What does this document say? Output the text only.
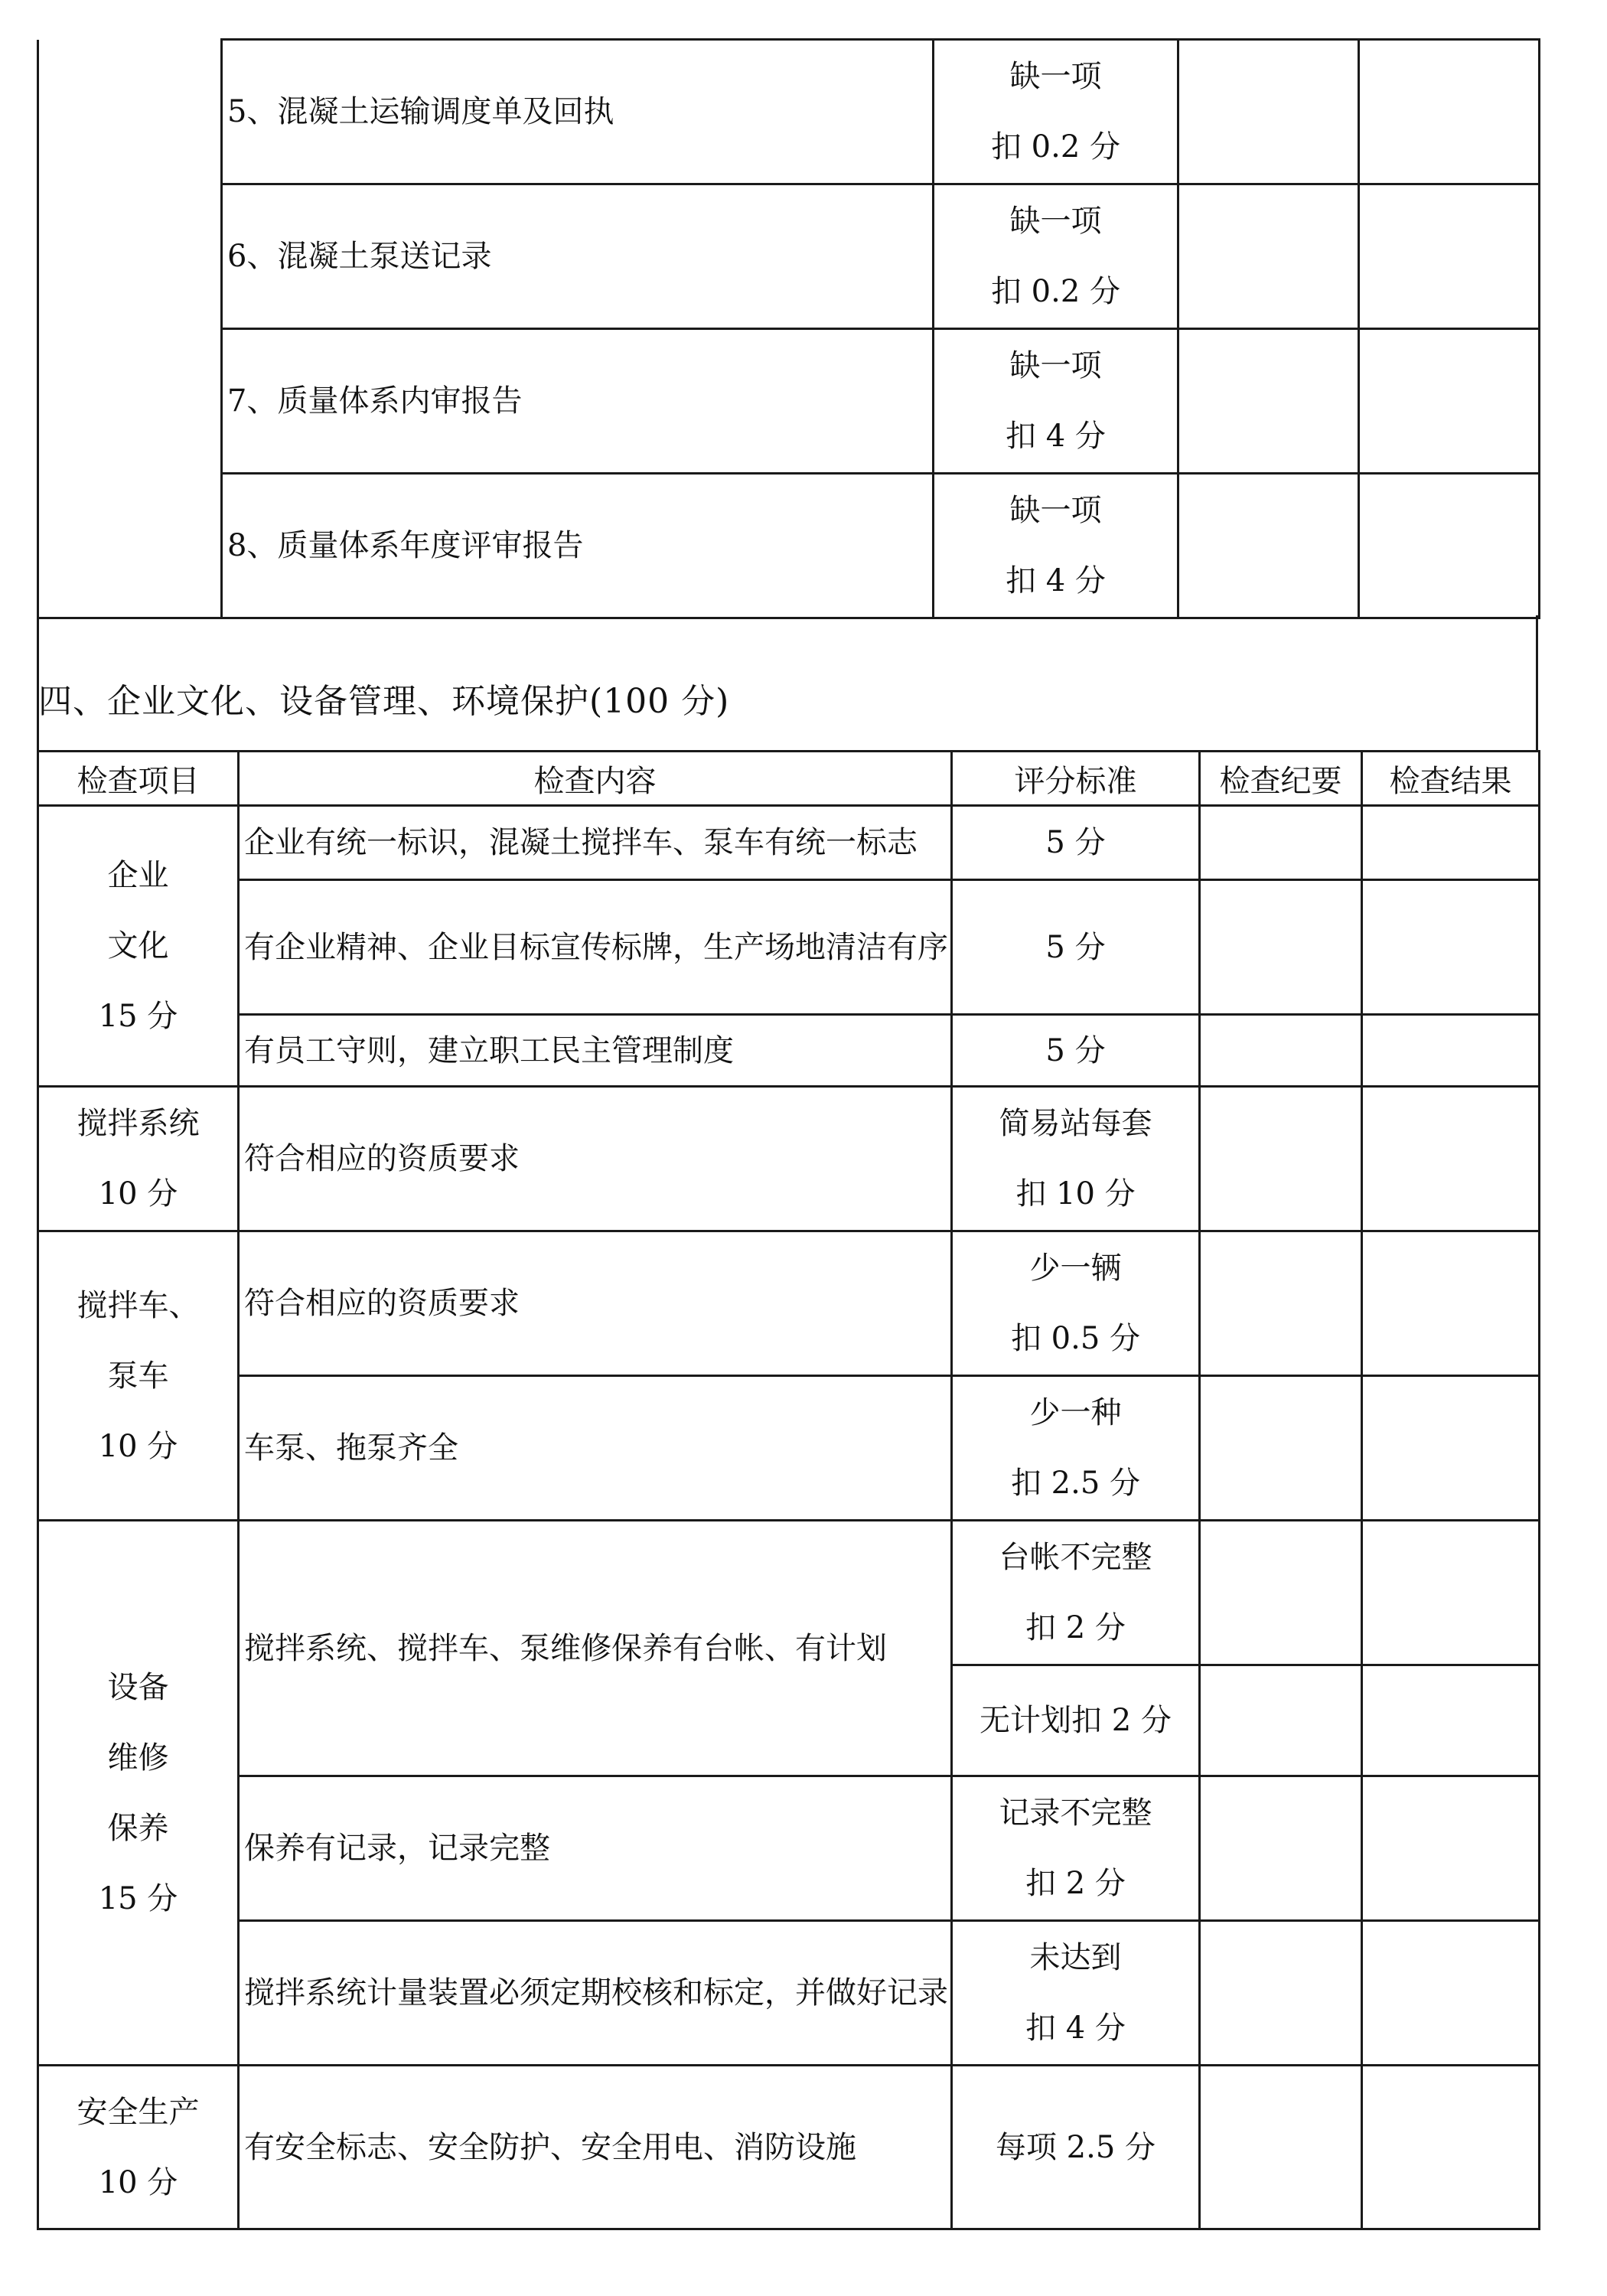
	5、混凝土运输调度单及回执	缺一项
扣 0.2 分		

	6、混凝土泵送记录	缺一项
扣 0.2 分		

	7、质量体系内审报告	缺一项
扣 4 分		

	8、质量体系年度评审报告	缺一项
扣 4 分		

四、企业文化、设备管理、环境保护(100 分)
检查项目	检查内容	评分标准	检查纪要	检查结果

企业
文化
15 分	企业有统一标识，混凝土搅拌车、泵车有统一标志	5 分		

	有企业精神、企业目标宣传标牌，生产场地清洁有序	5 分		

	有员工守则，建立职工民主管理制度	5 分		

搅拌系统
10 分	符合相应的资质要求	简易站每套
扣 10 分		

搅拌车、
泵车
10 分	符合相应的资质要求	少一辆
扣 0.5 分		

	车泵、拖泵齐全	少一种
扣 2.5 分		

设备
维修
保养
15 分	搅拌系统、搅拌车、泵维修保养有台帐、有计划	台帐不完整
扣 2 分		

		无计划扣 2 分		

	保养有记录，记录完整	记录不完整
扣 2 分		

	搅拌系统计量装置必须定期校核和标定，并做好记录	未达到
扣 4 分		

安全生产
10 分	有安全标志、安全防护、安全用电、消防设施	每项 2.5 分		
